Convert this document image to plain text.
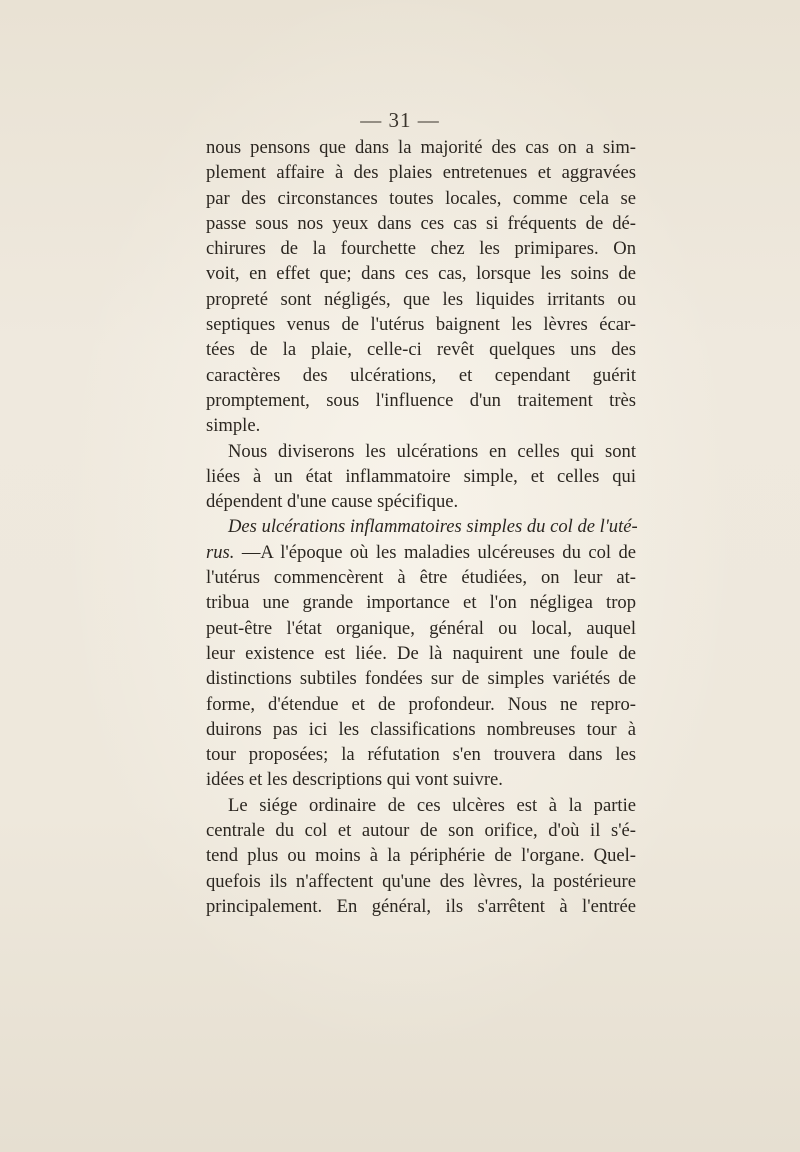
— 31 —
nous pensons que dans la majorité des cas on a sim-
plement affaire à des plaies entretenues et aggravées
par des circonstances toutes locales, comme cela se
passe sous nos yeux dans ces cas si fréquents de dé-
chirures de la fourchette chez les primipares. On
voit, en effet que; dans ces cas, lorsque les soins de
propreté sont négligés, que les liquides irritants ou
septiques venus de l'utérus baignent les lèvres écar-
tées de la plaie, celle-ci revêt quelques uns des
caractères des ulcérations, et cependant guérit
promptement, sous l'influence d'un traitement très
simple.
Nous diviserons les ulcérations en celles qui sont
liées à un état inflammatoire simple, et celles qui
dépendent d'une cause spécifique.
Des ulcérations inflammatoires simples du col de l'uté-
rus. —A l'époque où les maladies ulcéreuses du col de
l'utérus commencèrent à être étudiées, on leur at-
tribua une grande importance et l'on négligea trop
peut-être l'état organique, général ou local, auquel
leur existence est liée. De là naquirent une foule de
distinctions subtiles fondées sur de simples variétés de
forme, d'étendue et de profondeur. Nous ne repro-
duirons pas ici les classifications nombreuses tour à
tour proposées; la réfutation s'en trouvera dans les
idées et les descriptions qui vont suivre.
Le siége ordinaire de ces ulcères est à la partie
centrale du col et autour de son orifice, d'où il s'é-
tend plus ou moins à la périphérie de l'organe. Quel-
quefois ils n'affectent qu'une des lèvres, la postérieure
principalement. En général, ils s'arrêtent à l'entrée
